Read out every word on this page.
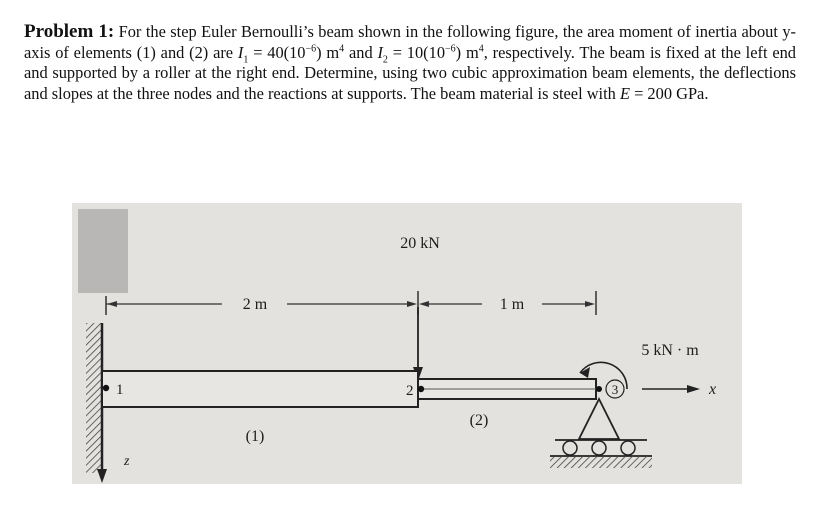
Problem 1: For the step Euler Bernoulli’s beam shown in the following figure, the area moment of inertia about y-axis of elements (1) and (2) are $I_1 = 40(10^{-6})$ $m^4$ and $I_2 = 10(10^{-6})$ $m^4$, respectively. The beam is fixed at the left end and supported by a roller at the right end. Determine, using two cubic approximation beam elements, the deflections and slopes at the three nodes and the reactions at supports. The beam material is steel with E = 200 GPa.
2 m	1 m
20 kN
1	2	3
5 kN · m
x
z
(1)
(2)
